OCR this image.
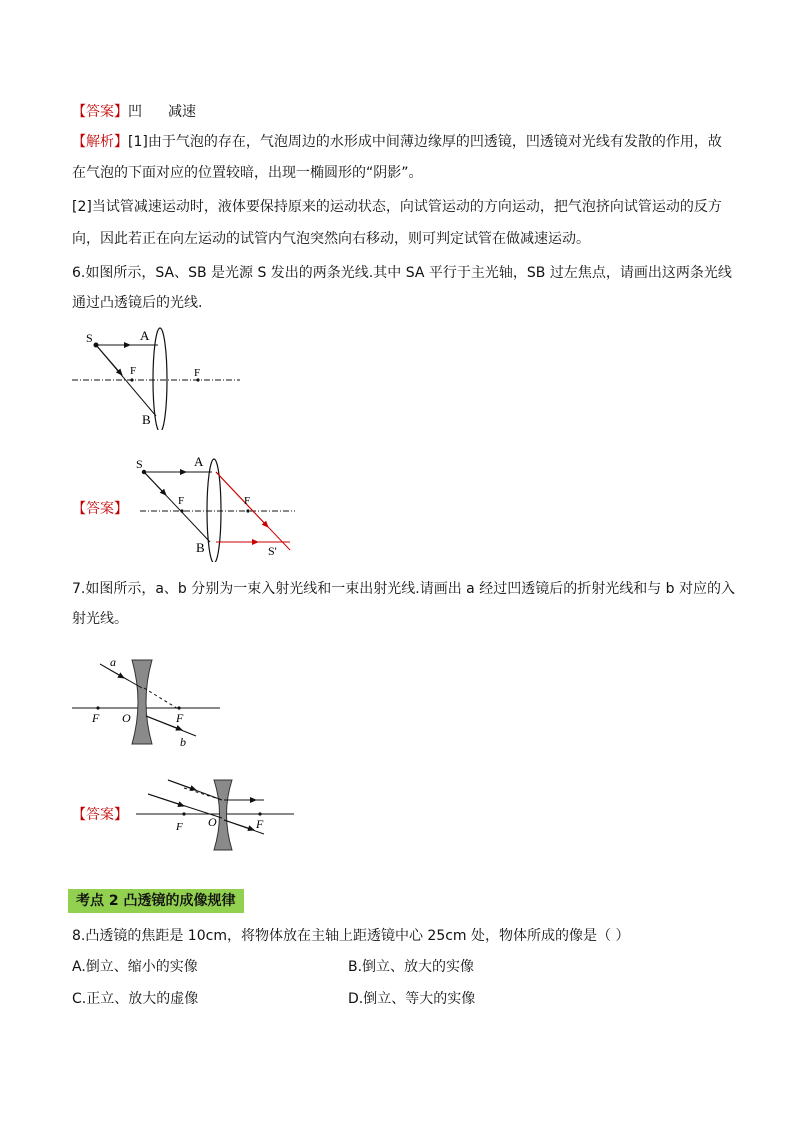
【答案】凹 减速
【解析】[1]由于气泡的存在，气泡周边的水形成中间薄边缘厚的凹透镜，凹透镜对光线有发散的作用，故
在气泡的下面对应的位置较暗，出现一椭圆形的“阴影”。
[2]当试管减速运动时，液体要保持原来的运动状态，向试管运动的方向运动，把气泡挤向试管运动的反方
向，因此若正在向左运动的试管内气泡突然向右移动，则可判定试管在做减速运动。
6.如图所示，SA、SB 是光源 S 发出的两条光线.其中 SA 平行于主光轴，SB 过左焦点，请画出这两条光线
通过凸透镜后的光线.
S	A
F	F
B
【答案】
S	A
F	F
B	S'
7.如图所示，a、b 分别为一束入射光线和一束出射光线.请画出 a 经过凹透镜后的折射光线和与 b 对应的入
射光线。
a
F O	F
b
【答案】
F O	F
考点 2 凸透镜的成像规律
8.凸透镜的焦距是 10cm，将物体放在主轴上距透镜中心 25cm 处，物体所成的像是（ ）
A.倒立、缩小的实像	B.倒立、放大的实像
C.正立、放大的虚像	D.倒立、等大的实像
